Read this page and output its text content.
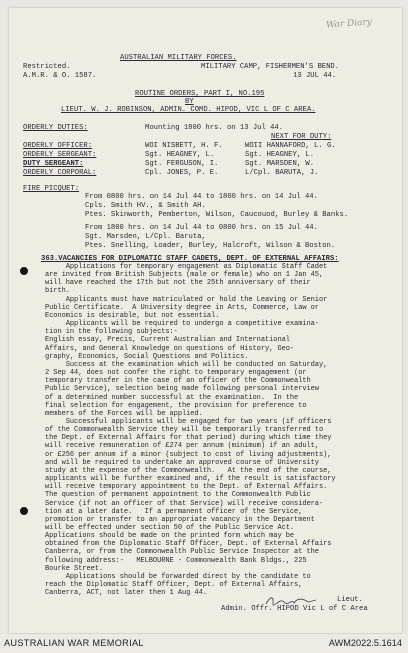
War Diary
AUSTRALIAN MILITARY FORCES.
Restricted.	MILITARY CAMP, FISHERMEN'S BEND.
A.M.R. & O. 1587.	13 JUL 44.
ROUTINE ORDERS, PART I, NO.195
BY
LIEUT. W. J. ROBINSON, ADMIN. COMD. HIPOD, VIC L OF C AREA.
ORDERLY DUTIES:	Mounting 1800 hrs. on 13 Jul 44.
NEXT FOR DUTY:
ORDERLY OFFICER:	WOI NISBETT, H. F.	WOII HANNAFORD, L. G.
ORDERLY SERGEANT:	Sgt. HEAGNEY, L.	Sgt. HEAGNEY, L.
DUTY SERGEANT:	Sgt. FERGUSON, I.	Sgt. MARSDEN, W.
ORDERLY CORPORAL:	Cpl. JONES, P. E.	L/Cpl. BARUTA, J.
FIRE PICQUET:
From 0800 hrs. on 14 Jul 44 to 1800 hrs. on 14 Jul 44.
Cpls. Smith HV., & Smith AH.
Ptes. Skinworth, Pemberton, Wilson, Caucouod, Burley & Banks.
From 1800 hrs. on 14 Jul 44 to 0800 hrs. on 15 Jul 44.
Sgt. Marsden, L/Cpl. Baruta,
Ptes. Snelling, Loader, Burley, Halcroft, Wilson & Boston.
363.VACANCIES FOR DIPLOMATIC STAFF CADETS, DEPT. OF EXTERNAL AFFAIRS:
Applications for temporary engagement as Diplomatic Staff Cadet
are invited from British Subjects (male or female) who on 1 Jan 45,
will have reached the 17th but not the 25th anniversary of their
birth.
Applicants must have matriculated or hold the Leaving or Senior
Public Certificate.  A University degree in Arts, Commerce, Law or
Economics is desirable, but not essential.
Applicants will be required to undergo a competitive examina-
tion in the following subjects:-
English essay, Precis, Current Australian and International
Affairs, and General Knowledge on questions of History, Geo-
graphy, Economics, Social Questions and Politics.
Success at the examination which will be conducted on Saturday,
2 Sep 44, does not confer the right to temporary engagement (or
temporary transfer in the case of an officer of the Commonwealth
Public Service), selection being made following personal interview
of a determined number successful at the examination.  In the
final selection for engagement, the provision for preference to
members of the Forces will be applied.
Successful applicants will be engaged for two years (if officers
of the Commonwealth Service they will be temporarily transferred to
the Dept. of External Affairs for that period) during which time they
will receive remuneration of £274 per annum (minimum) if an adult,
or £256 per annum if a minor (subject to cost of living adjustments),
and will be required to undertake an approved course of University
study at the expense of the Commonwealth.   At the end of the course,
applicants will be further examined and, if the result is satisfactory
will receive temporary appointment to the Dept. of External Affairs.
The question of permanent appointment to the Commonwealth Public
Service (if not an officer of that Service) will receive considera-
tion at a later date.   If a permanent officer of the Service,
promotion or transfer to an appropriate vacancy in the Department
will be effected under section 50 of the Public Service Act.
Applications should be made on the printed form which may be
obtained from the Diplomatic Staff Officer, Dept. of External Affairs
Canberra, or from the Commonwealth Public Service Inspector at the
following address:-   MELBOURNE - Commonwealth Bank Bldgs., 225
Bourke Street.
Applications should be forwarded direct by the candidate to
reach the Diplomatic Staff Officer, Dept. of External Affairs,
Canberra, ACT, not later then 1 Aug 44.
Lieut.
Admin. Offr. HIPOD Vic L of C Area
AUSTRALIAN WAR MEMORIAL	AWM2022.5.1614
